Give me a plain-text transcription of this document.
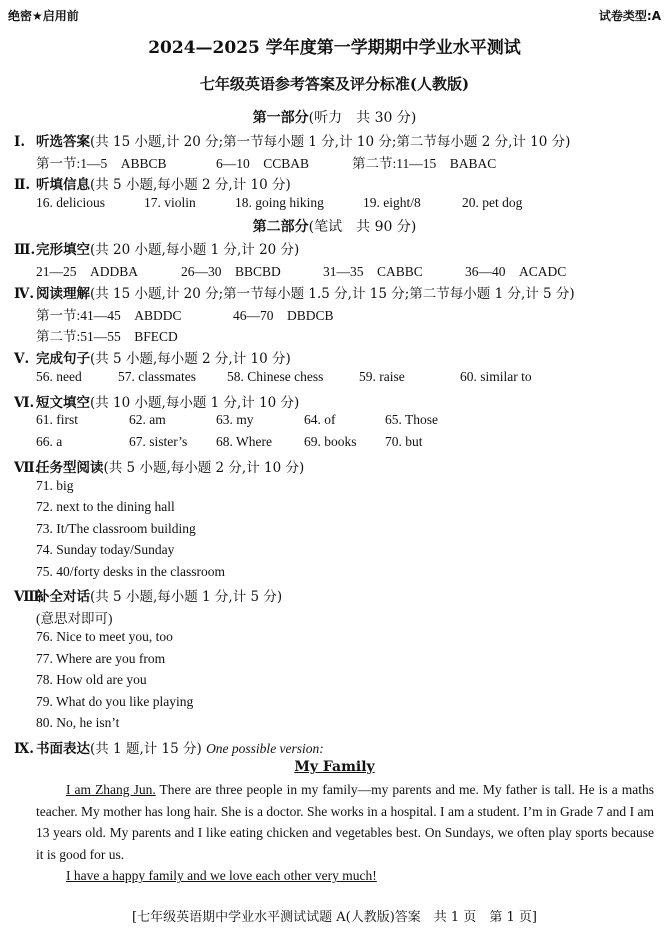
绝密★启用前	试卷类型:A
2024—2025 学年度第一学期期中学业水平测试
七年级英语参考答案及评分标准(人教版)
第一部分(听力　共 30 分)
Ⅰ. 听选答案(共 15 小题,计 20 分;第一节每小题 1 分,计 10 分;第二节每小题 2 分,计 10 分)
第一节:1—5　ABBCB	6—10　CCBAB	第二节:11—15　BABAC
Ⅱ. 听填信息(共 5 小题,每小题 2 分,计 10 分)
16. delicious	17. violin	18. going hiking	19. eight/8	20. pet dog
第二部分(笔试　共 90 分)
Ⅲ.完形填空(共 20 小题,每小题 1 分,计 20 分)
21—25　ADDBA	26—30　BBCBD	31—35　CABBC	36—40　ACADC
Ⅳ. 阅读理解(共 15 小题,计 20 分;第一节每小题 1.5 分,计 15 分;第二节每小题 1 分,计 5 分)
第一节:41—45　ABDDC	46—70　DBDCB
第二节:51—55　BFECD
Ⅴ. 完成句子(共 5 小题,每小题 2 分,计 10 分)
56. need	57. classmates 58. Chinese chess	59. raise	60. similar to
Ⅵ. 短文填空(共 10 小题,每小题 1 分,计 10 分)
61. first	62. am	63. my	64. of	65. Those
66. a	67. sister’s 68. Where 69. books 70. but
Ⅶ.任务型阅读(共 5 小题,每小题 2 分,计 10 分)
71. big
72. next to the dining hall
73. It/The classroom building
74. Sunday today/Sunday
75. 40/forty desks in the classroom
Ⅷ.补全对话(共 5 小题,每小题 1 分,计 5 分)
(意思对即可)
76. Nice to meet you, too
77. Where are you from
78. How old are you
79. What do you like playing
80. No, he isn’t
Ⅸ. 书面表达(共 1 题,计 15 分) One possible version:
My Family

I am Zhang Jun. There are three people in my family—my parents and me. My father is tall. He is a maths teacher. My mother has long hair. She is a doctor. She works in a hospital. I am a student. I’m in Grade 7 and I am 13 years old. My parents and I like eating chicken and vegetables best. On Sundays, we often play sports because it is good for us.

I have a happy family and we love each other very much!
[七年级英语期中学业水平测试试题 A(人教版)答案　共 1 页　第 1 页]
